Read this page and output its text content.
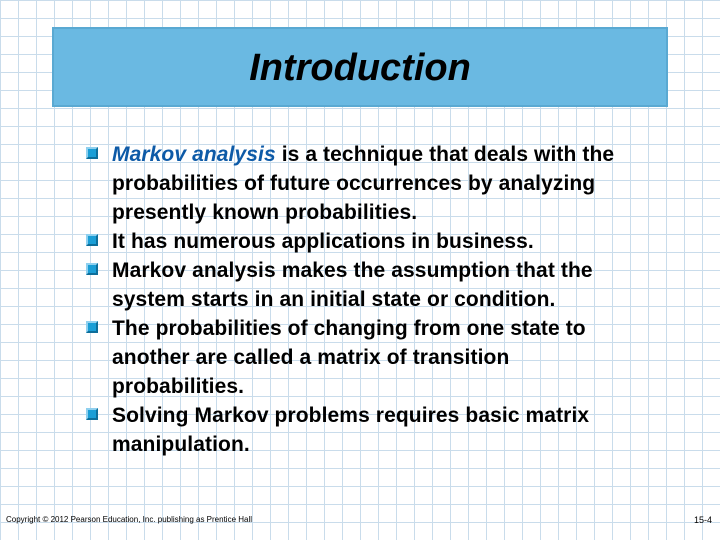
Introduction
Markov analysis is a technique that deals with the probabilities of future occurrences by analyzing presently known probabilities.
It has numerous applications in business.
Markov analysis makes the assumption that the system starts in an initial state or condition.
The probabilities of changing from one state to another are called a matrix of transition probabilities.
Solving Markov problems requires basic matrix manipulation.
Copyright © 2012 Pearson Education, Inc. publishing as Prentice Hall	15-4
